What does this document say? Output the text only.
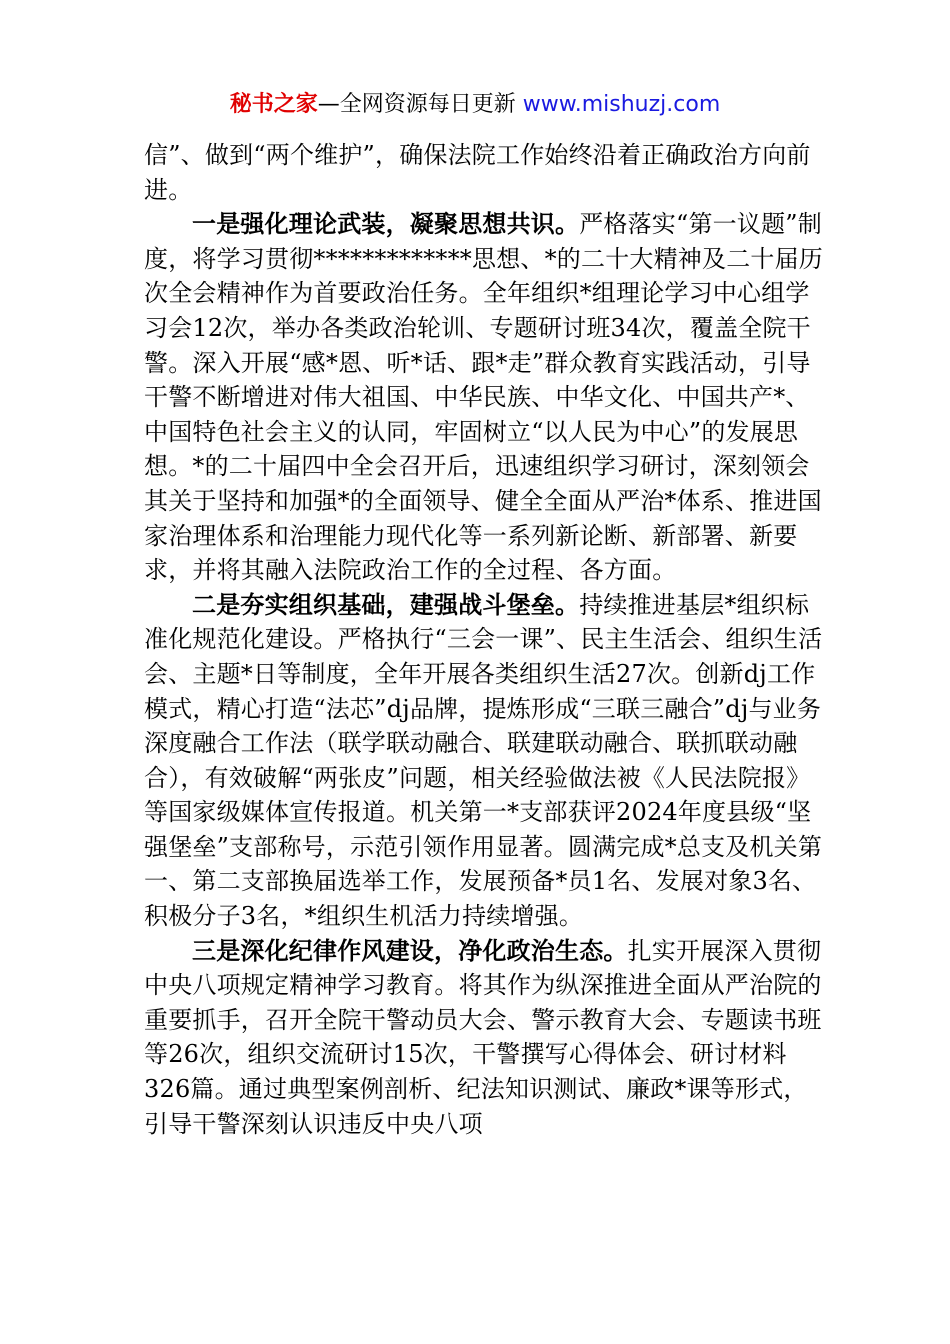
秘书之家—全网资源每日更新 www.mishuzj.com

信”、做到“两个维护”，确保法院工作始终沿着正确政治方向前进。

一是强化理论武装，凝聚思想共识。严格落实“第一议题”制度，将学习贯彻*************思想、*的二十大精神及二十届历次全会精神作为首要政治任务。全年组织*组理论学习中心组学习会12次，举办各类政治轮训、专题研讨班34次，覆盖全院干警。深入开展“感*恩、听*话、跟*走”群众教育实践活动，引导干警不断增进对伟大祖国、中华民族、中华文化、中国共产*、中国特色社会主义的认同，牢固树立“以人民为中心”的发展思想。*的二十届四中全会召开后，迅速组织学习研讨，深刻领会其关于坚持和加强*的全面领导、健全全面从严治*体系、推进国家治理体系和治理能力现代化等一系列新论断、新部署、新要求，并将其融入法院政治工作的全过程、各方面。

二是夯实组织基础，建强战斗堡垒。持续推进基层*组织标准化规范化建设。严格执行“三会一课”、民主生活会、组织生活会、主题*日等制度，全年开展各类组织生活27次。创新dj工作模式，精心打造“法芯”dj品牌，提炼形成“三联三融合”dj与业务深度融合工作法（联学联动融合、联建联动融合、联抓联动融合），有效破解“两张皮”问题，相关经验做法被《人民法院报》等国家级媒体宣传报道。机关第一*支部获评2024年度县级“坚强堡垒”支部称号，示范引领作用显著。圆满完成*总支及机关第一、第二支部换届选举工作，发展预备*员1名、发展对象3名、积极分子3名，*组织生机活力持续增强。

三是深化纪律作风建设，净化政治生态。扎实开展深入贯彻中央八项规定精神学习教育。将其作为纵深推进全面从严治院的重要抓手，召开全院干警动员大会、警示教育大会、专题读书班等26次，组织交流研讨15次，干警撰写心得体会、研讨材料326篇。通过典型案例剖析、纪法知识测试、廉政*课等形式，引导干警深刻认识违反中央八项
